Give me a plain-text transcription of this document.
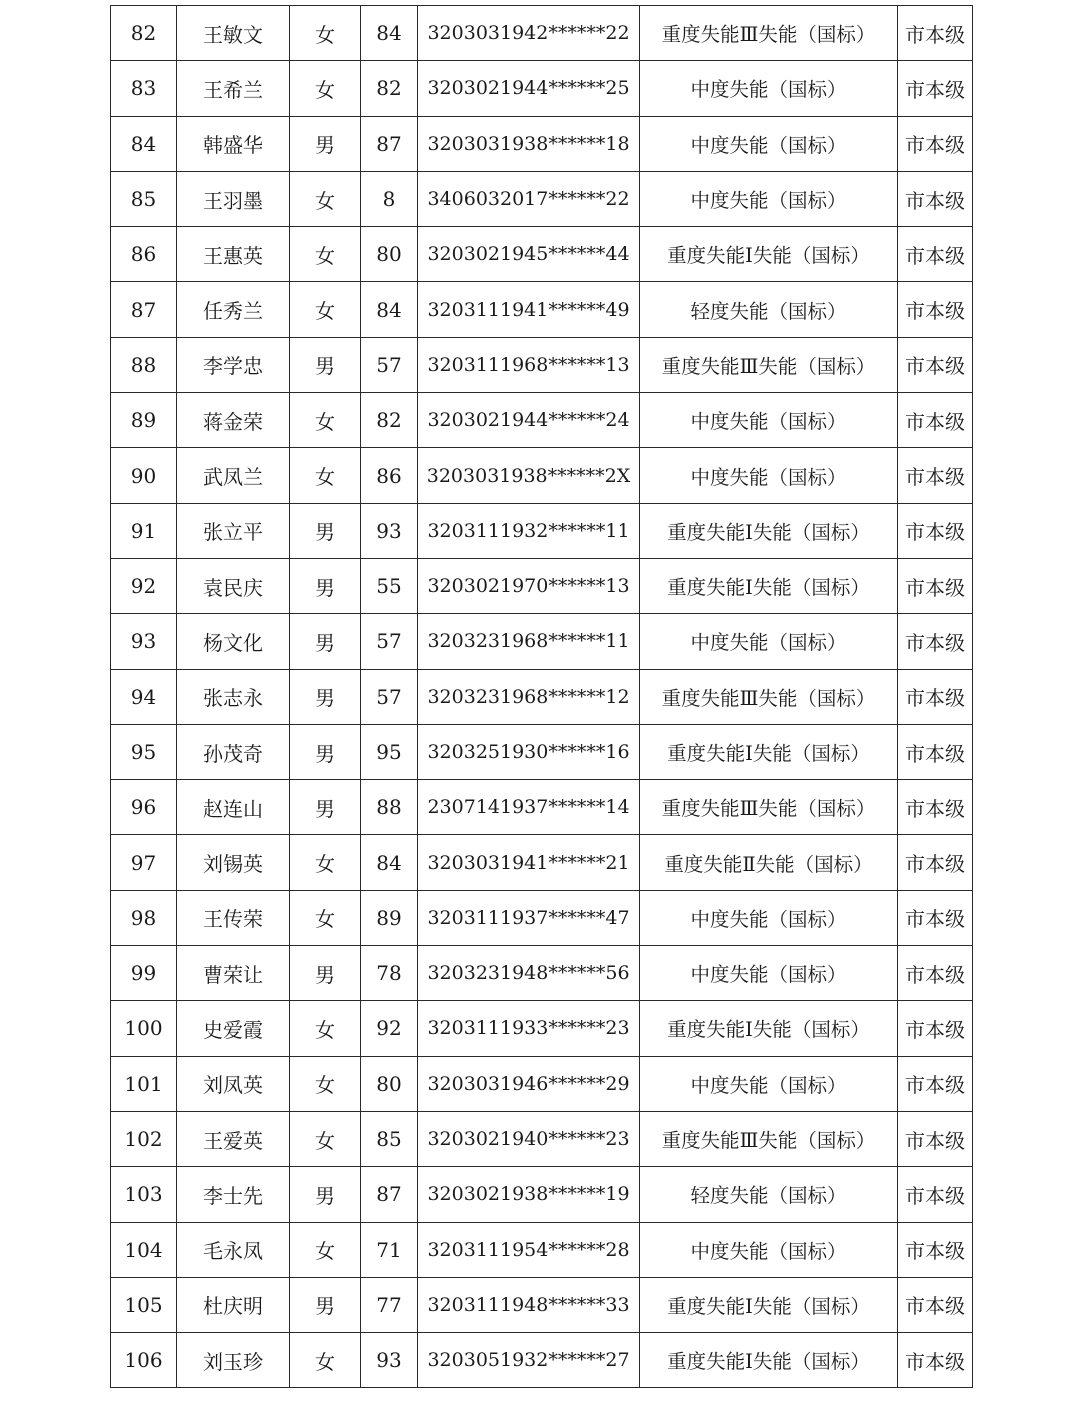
82	王敏文	女	84	3203031942******22	重度失能Ⅲ失能（国标）	市本级
83	王希兰	女	82	3203021944******25	中度失能（国标）	市本级
84	韩盛华	男	87	3203031938******18	中度失能（国标）	市本级
85	王羽墨	女	8	3406032017******22	中度失能（国标）	市本级
86	王惠英	女	80	3203021945******44	重度失能Ⅰ失能（国标）	市本级
87	任秀兰	女	84	3203111941******49	轻度失能（国标）	市本级
88	李学忠	男	57	3203111968******13	重度失能Ⅲ失能（国标）	市本级
89	蒋金荣	女	82	3203021944******24	中度失能（国标）	市本级
90	武凤兰	女	86	3203031938******2X	中度失能（国标）	市本级
91	张立平	男	93	3203111932******11	重度失能Ⅰ失能（国标）	市本级
92	袁民庆	男	55	3203021970******13	重度失能Ⅰ失能（国标）	市本级
93	杨文化	男	57	3203231968******11	中度失能（国标）	市本级
94	张志永	男	57	3203231968******12	重度失能Ⅲ失能（国标）	市本级
95	孙茂奇	男	95	3203251930******16	重度失能Ⅰ失能（国标）	市本级
96	赵连山	男	88	2307141937******14	重度失能Ⅲ失能（国标）	市本级
97	刘锡英	女	84	3203031941******21	重度失能Ⅱ失能（国标）	市本级
98	王传荣	女	89	3203111937******47	中度失能（国标）	市本级
99	曹荣让	男	78	3203231948******56	中度失能（国标）	市本级
100	史爱霞	女	92	3203111933******23	重度失能Ⅰ失能（国标）	市本级
101	刘凤英	女	80	3203031946******29	中度失能（国标）	市本级
102	王爱英	女	85	3203021940******23	重度失能Ⅲ失能（国标）	市本级
103	李士先	男	87	3203021938******19	轻度失能（国标）	市本级
104	毛永凤	女	71	3203111954******28	中度失能（国标）	市本级
105	杜庆明	男	77	3203111948******33	重度失能Ⅰ失能（国标）	市本级
106	刘玉珍	女	93	3203051932******27	重度失能Ⅰ失能（国标）	市本级
